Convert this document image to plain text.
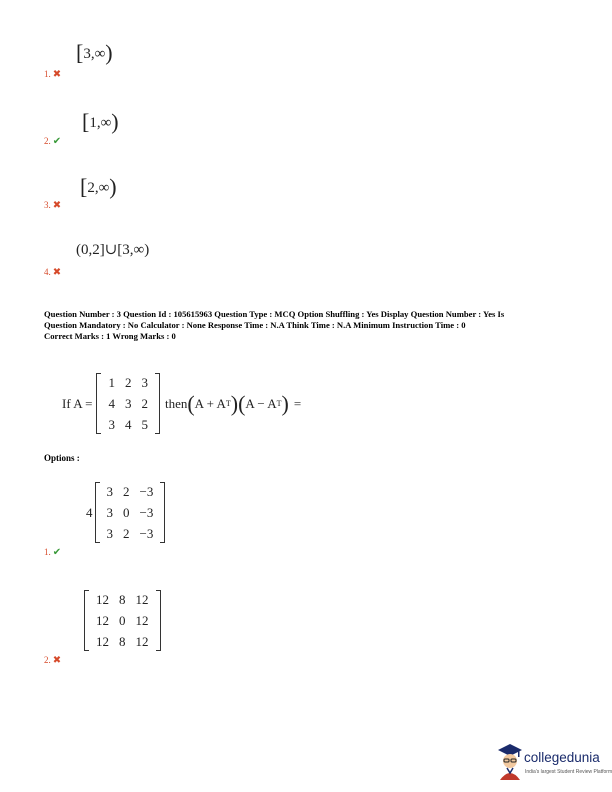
[3,∞)
1. ✖
[1,∞)
2. ✔
[2,∞)
3. ✖
(0,2]∪[3,∞)
4. ✖
Question Number : 3 Question Id : 105615963 Question Type : MCQ Option Shuffling : Yes Display Question Number : Yes Is
Question Mandatory : No Calculator : None Response Time : N.A Think Time : N.A Minimum Instruction Time : 0
Correct Marks : 1 Wrong Marks : 0
If A =
1	2	3
4	3	2
3	4	5
then ( A + A T ) ( A − A T ) =
Options :
4
3	2	−3
3	0	−3
3	2	−3
1. ✔
12	8	12
12	0	12
12	8	12
2. ✖
collegedunia
India's largest Student Review Platform
